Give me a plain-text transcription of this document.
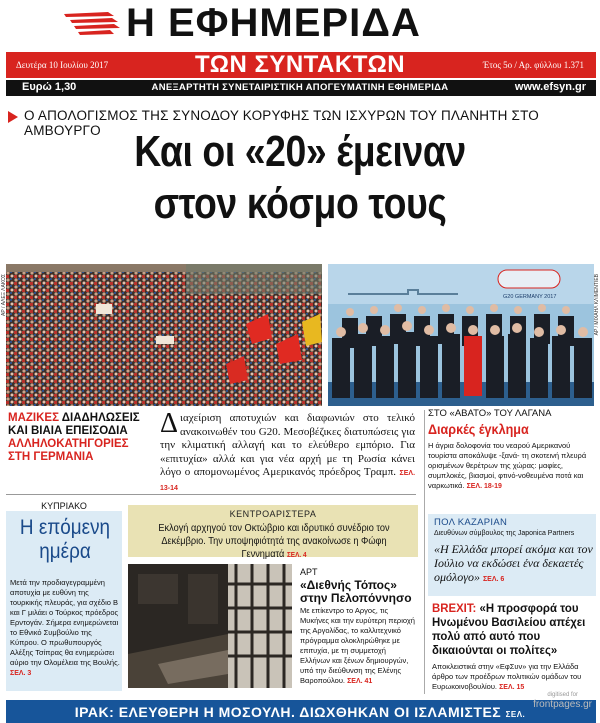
Η ΕΦΗΜΕΡΙΔΑ
Δευτέρα 10 Ιουλίου 2017	ΤΩΝ ΣΥΝΤΑΚΤΩΝ	Έτος 5ο / Αρ. φύλλου 1.371
Ευρώ 1,30	ΑΝΕΞΑΡΤΗΤΗ ΣΥΝΕΤΑΙΡΙΣΤΙΚΗ ΑΠΟΓΕΥΜΑΤΙΝΗ ΕΦΗΜΕΡΙΔΑ	www.efsyn.gr
Ο ΑΠΟΛΟΓΙΣΜΟΣ ΤΗΣ ΣΥΝΟΔΟΥ ΚΟΡΥΦΗΣ ΤΩΝ ΙΣΧΥΡΩΝ ΤΟΥ ΠΛΑΝΗΤΗ ΣΤΟ ΑΜΒΟΥΡΓΟ Και οι «20» έμειναν
στον κόσμο τους
AP / ΑΛΕΞ ΛΑΚΟΣ	G20 GERMANY 2017	AP / ΜΙΧΑΗΛ ΚΛΙΜΕΝΤΙΕΒ
ΜΑΖΙΚΕΣ ΔΙΑΔΗΛΩΣΕΙΣ
ΚΑΙ ΒΙΑΙΑ ΕΠΕΙΣΟΔΙΑ
ΑΛΛΗΛΟΚΑΤΗΓΟΡΙΕΣ
ΣΤΗ ΓΕΡΜΑΝΙΑ
Διαχείριση αποτυχιών και διαφωνιών στο τελικό ανακοινωθέν του G20. Μεσοβέζικες διατυπώσεις για την κλιματική αλλαγή και το ελεύθερο εμπόριο. Για «επιτυχία» αλλά και για νέα αρχή με τη Ρωσία κάνει λόγο ο απομονωμένος Αμερικανός πρόεδρος Τραμπ. ΣΕΛ. 13-14
ΣΤΟ «ΑΒΑΤΟ» ΤΟΥ ΛΑΓΑΝΑ
Διαρκές έγκλημα
Η άγρια δολοφονία του νεαρού Αμερικανού τουρίστα αποκάλυψε -ξανά- τη σκοτεινή πλευρά ορισμένων θερέτρων της χώρας: μαφίες, συμπλοκές, βιασμοί, φτινό-νοθευμένα ποτά και ναρκωτικά. ΣΕΛ. 18-19
ΚΥΠΡΙΑΚΟ
Η επόμενη ημέρα
Μετά την προδιαγεγραμμένη αποτυχία με ευθύνη της τουρκικής πλευράς, για σχέδιο Β και Γ μιλάει ο Τούρκος πρόεδρος Ερντογάν. Σήμερα ενημερώνεται το Εθνικό Συμβούλιο της Κύπρου. Ο πρωθυπουργός Αλέξης Τσίπρας θα ενημερώσει αύριο την Ολομέλεια της Βουλής. ΣΕΛ. 3
ΚΕΝΤΡΟΑΡΙΣΤΕΡΑ
Εκλογή αρχηγού τον Οκτώβριο και ιδρυτικό συνέδριο τον Δεκέμβριο. Την υποψηφιότητά της ανακοίνωσε η Φώφη Γεννηματά ΣΕΛ. 4
ΑΡΤ
«Διεθνής Τόπος» στην Πελοπόννησο
Με επίκεντρο το Αργος, τις Μυκήνες και την ευρύτερη περιοχή της Αργολίδας, το καλλιτεχνικό πρόγραμμα ολοκληρώθηκε με επιτυχία, με τη συμμετοχή Ελλήνων και ξένων δημιουργών, υπό την διεύθυνση της Ελένης Βαροπούλου. ΣΕΛ. 41
ΠΟΛ ΚΑΖΑΡΙΑΝ
Διευθύνων σύμβουλος της Japonica Partners
«Η Ελλάδα μπορεί ακόμα και τον Ιούλιο να εκδώσει ένα δεκαετές ομόλογο» ΣΕΛ. 6
BREXIT: «Η προσφορά του Ηνωμένου Βασιλείου απέχει πολύ από αυτό που δικαιούνται οι πολίτες»
Αποκλειστικά στην «ΕφΣυν» για την Ελλάδα άρθρο των προέδρων πολιτικών ομάδων του Ευρωκοινοβουλίου. ΣΕΛ. 15
ΙΡΑΚ: ΕΛΕΥΘΕΡΗ Η ΜΟΣΟΥΛΗ. ΔΙΩΧΘΗΚΑΝ ΟΙ ΙΣΛΑΜΙΣΤΕΣ ΣΕΛ.
digitised for
frontpages.gr
